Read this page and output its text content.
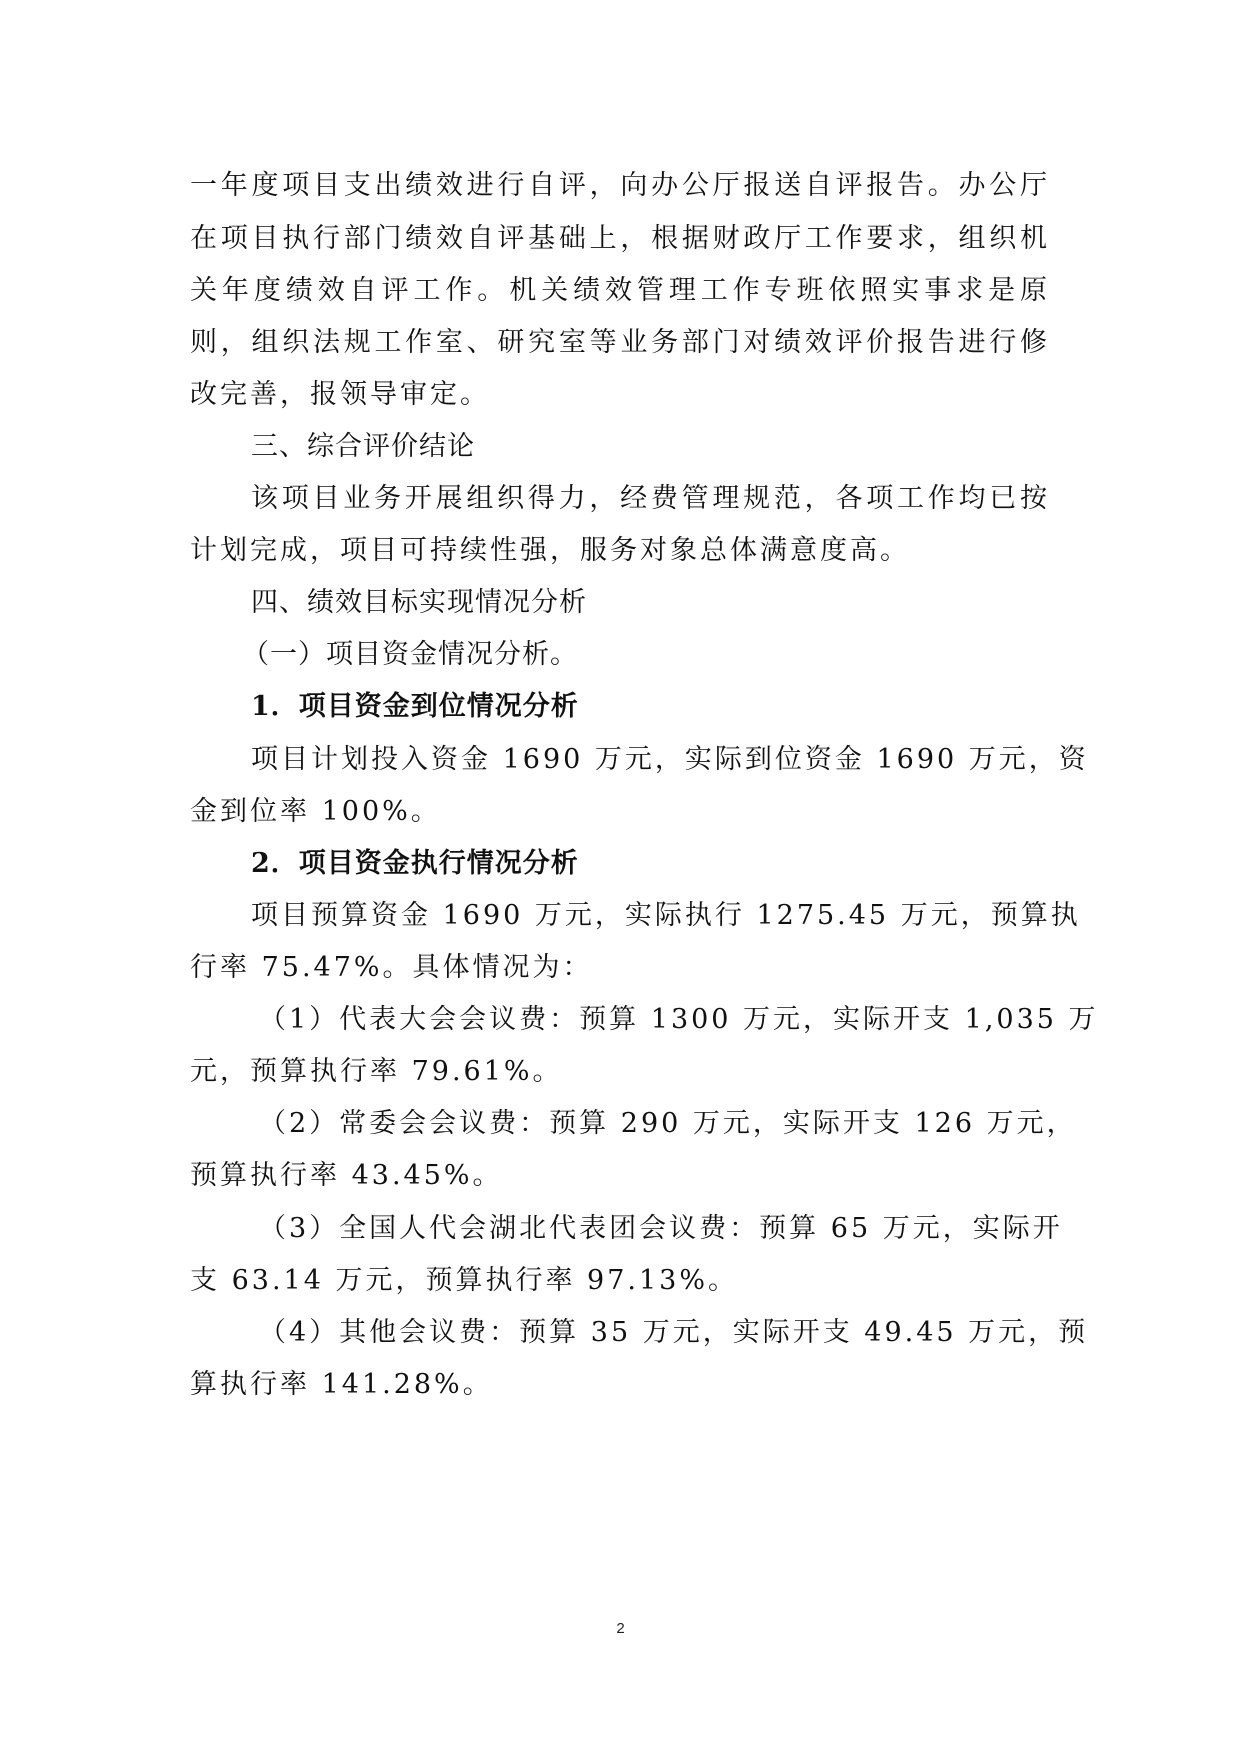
一年度项目支出绩效进行自评，向办公厅报送自评报告。办公厅
在项目执行部门绩效自评基础上，根据财政厅工作要求，组织机
关年度绩效自评工作。机关绩效管理工作专班依照实事求是原
则，组织法规工作室、研究室等业务部门对绩效评价报告进行修
改完善，报领导审定。
三、综合评价结论
该项目业务开展组织得力，经费管理规范，各项工作均已按
计划完成，项目可持续性强，服务对象总体满意度高。
四、绩效目标实现情况分析
（一）项目资金情况分析。
1．项目资金到位情况分析
项目计划投入资金 1690 万元，实际到位资金 1690 万元，资
金到位率 100%。
2．项目资金执行情况分析
项目预算资金 1690 万元，实际执行 1275.45 万元，预算执
行率 75.47%。具体情况为：
（1）代表大会会议费：预算 1300 万元，实际开支 1,035 万
元，预算执行率 79.61%。
（2）常委会会议费：预算 290 万元，实际开支 126 万元，
预算执行率 43.45%。
（3）全国人代会湖北代表团会议费：预算 65 万元，实际开
支 63.14 万元，预算执行率 97.13%。
（4）其他会议费：预算 35 万元，实际开支 49.45 万元，预
算执行率 141.28%。
2
